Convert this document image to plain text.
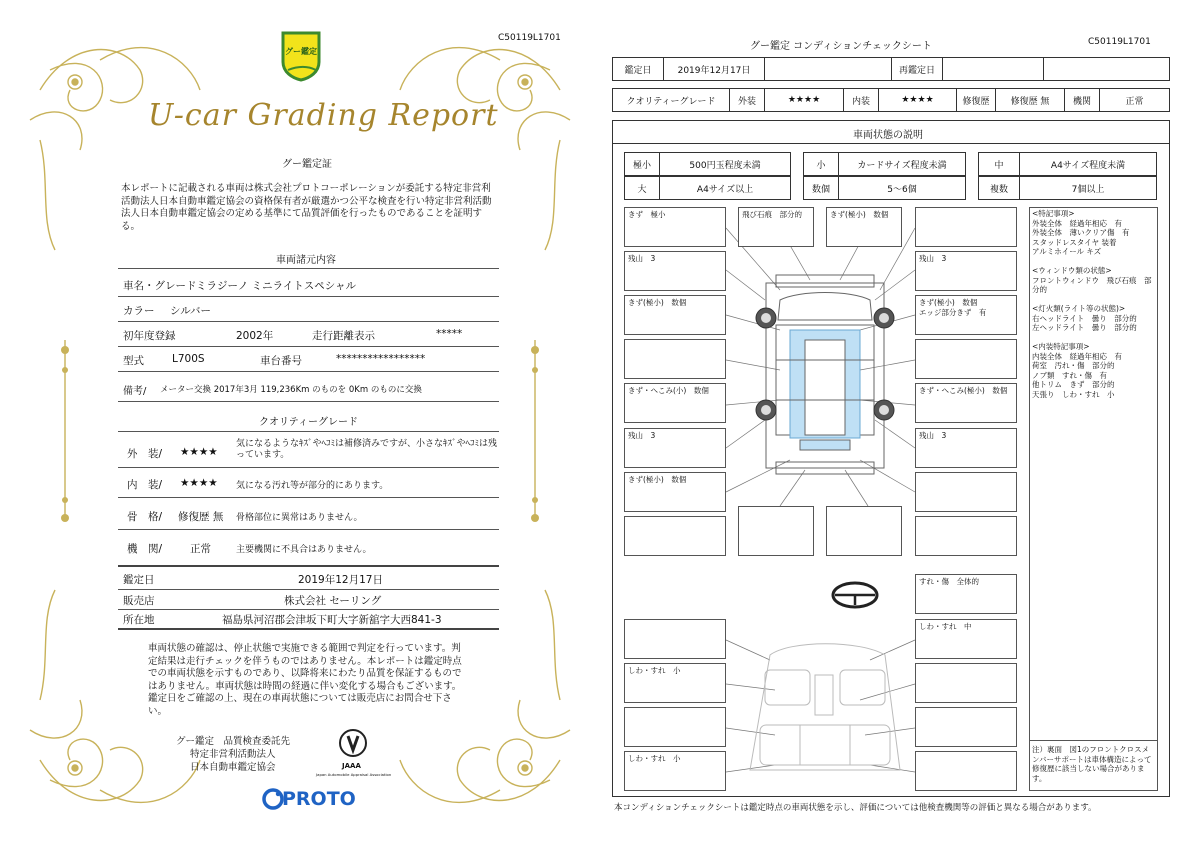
グー鑑定
U-car Grading Report
グー鑑定証
本レポートに記載される車両は株式会社プロトコーポレーションが委託する特定非営利活動法人日本自動車鑑定協会の資格保有者が厳選かつ公平な検査を行い特定非営利活動法人日本自動車鑑定協会の定める基準にて品質評価を行ったものであることを証明する。
車両諸元内容
車名・グレード ミラジーノ ミニライトスペシャル
カラー シルバー
初年度登録	2002年	走行距離表示	*****
型式	L700S	車台番号	*****************
備考/ メーター交換 2017年3月 119,236Km のものを 0Km のものに交換
クオリティーグレード
外　装/ ★★★★
気になるようなｷｽﾞやﾍｺﾐは補修済みですが、小さなｷｽﾞやﾍｺﾐは残っています。
内　装/ ★★★★ 気になる汚れ等が部分的にあります。
骨　格/ 修復歴 無 骨格部位に異常はありません。
機　関/	正常	主要機関に不具合はありません。
鑑定日	2019年12月17日
販売店	株式会社 セーリング
所在地	福島県河沼郡会津坂下町大字新舘字大西841-3
車両状態の確認は、停止状態で実施できる範囲で判定を行っています。判定結果は走行チェックを伴うものではありません。本レポートは鑑定時点での車両状態を示すものであり、以降将来にわたり品質を保証するものではありません。車両状態は時間の経過に伴い変化する場合もございます。鑑定日をご確認の上、現在の車両状態については販売店にお問合せ下さい。
グー鑑定　品質検査委託先
特定非営利活動法人
日本自動車鑑定協会	JAAA
Japan Automobile Appraisal Association
PROTO
C50119L1701
グー鑑定 コンディションチェックシート	C50119L1701
鑑定日	2019年12月17日	再鑑定日
クオリティーグレード	外装	★★★★	内装	★★★★	修復歴	修復歴 無	機関	正常
車両状態の説明
極小	500円玉程度未満	小	カードサイズ程度未満	中	A4サイズ程度未満
大	A4サイズ以上	数個	5～6個	複数	7個以上
きず　極小
残山　3
きず(極小)　数個
きず・へこみ(小)　数個
残山　3
きず(極小)　数個
飛び石痕　部分的	きず(極小)　数個
残山　3
きず(極小)　数個
エッジ部分きず　有
きず・へこみ(極小)　数個
残山　3
すれ・傷　全体的
しわ・すれ　中
しわ・すれ　小
しわ・すれ　小
<特記事項>
外装全体　経過年相応　有
外装全体　薄いクリア傷　有
スタッドレスタイヤ 装着
アルミホイール キズ
<ウィンドウ類の状態>
フロントウィンドウ　飛び石痕　部分的
<灯火類(ライト等の状態)>
右ヘッドライト　曇り　部分的
左ヘッドライト　曇り　部分的
<内装特記事項>
内装全体　経過年相応　有
荷室　汚れ・傷　部分的
ノブ類　すれ・傷　有
他トリム　きず　部分的
天張り　しわ・すれ　小
注）裏面　図1のフロントクロスメンバーサポートは車体構造によって修復歴に該当しない場合があります。
本コンディションチェックシートは鑑定時点の車両状態を示し、評価については他検査機関等の評価と異なる場合があります。
